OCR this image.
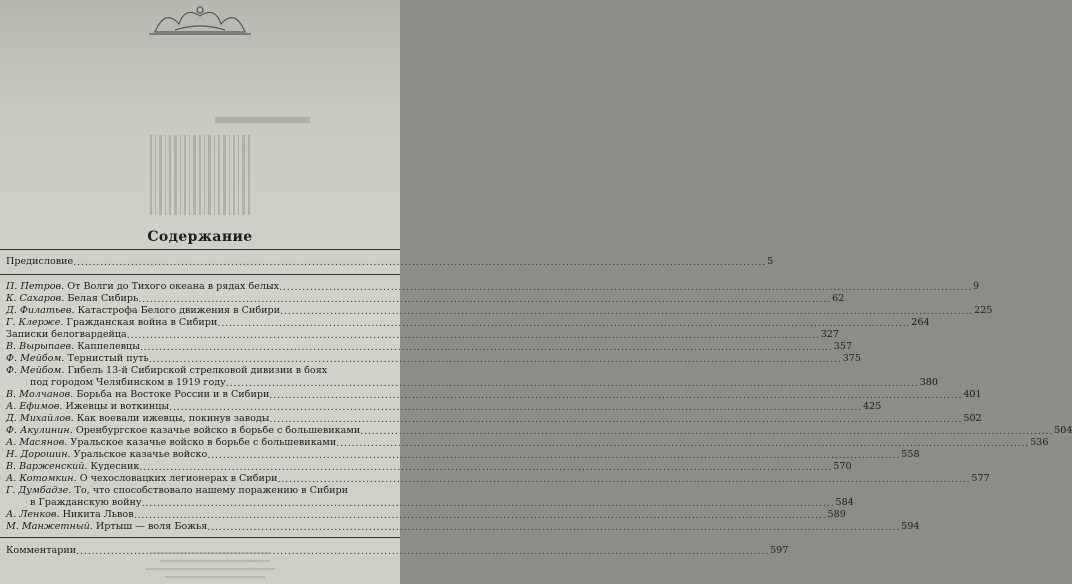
Содержание
Предисловие .....	5
П. Петров. От Волги до Тихого океана в рядах белых .....	9
К. Сахаров. Белая Сибирь .....	62
Д. Филатьев. Катастрофа Белого движения в Сибири .....	225
Г. Клерже. Гражданская война в Сибири .....	264
Записки белогвардейца .....	327
В. Вырыпаев. Каппелевцы .....	357
Ф. Мейбом. Тернистый путь .....	375
Ф. Мейбом. Гибель 13-й Сибирской стрелковой дивизии в боях
под городом Челябинском в 1919 году .....	380
В. Молчанов. Борьба на Востоке России и в Сибири .....	401
А. Ефимов. Ижевцы и воткинцы .....	425
Д. Михайлов. Как воевали ижевцы, покинув заводы .....	502
Ф. Акулинин. Оренбургское казачье войско в борьбе с большевиками .....	504
А. Масянов. Уральское казачье войско в борьбе с большевиками .....	536
Н. Дорошин. Уральское казачье войско .....	558
В. Варженский. Кудесник .....	570
А. Котомкин. О чехословацких легионерах в Сибири .....	577
Г. Думбадзе. То, что способствовало нашему поражению в Сибири
в Гражданскую войну .....	584
А. Ленков. Никита Львов .....	589
М. Манжетный. Иртыш — воля Божья .....	594
Комментарии .....	597
